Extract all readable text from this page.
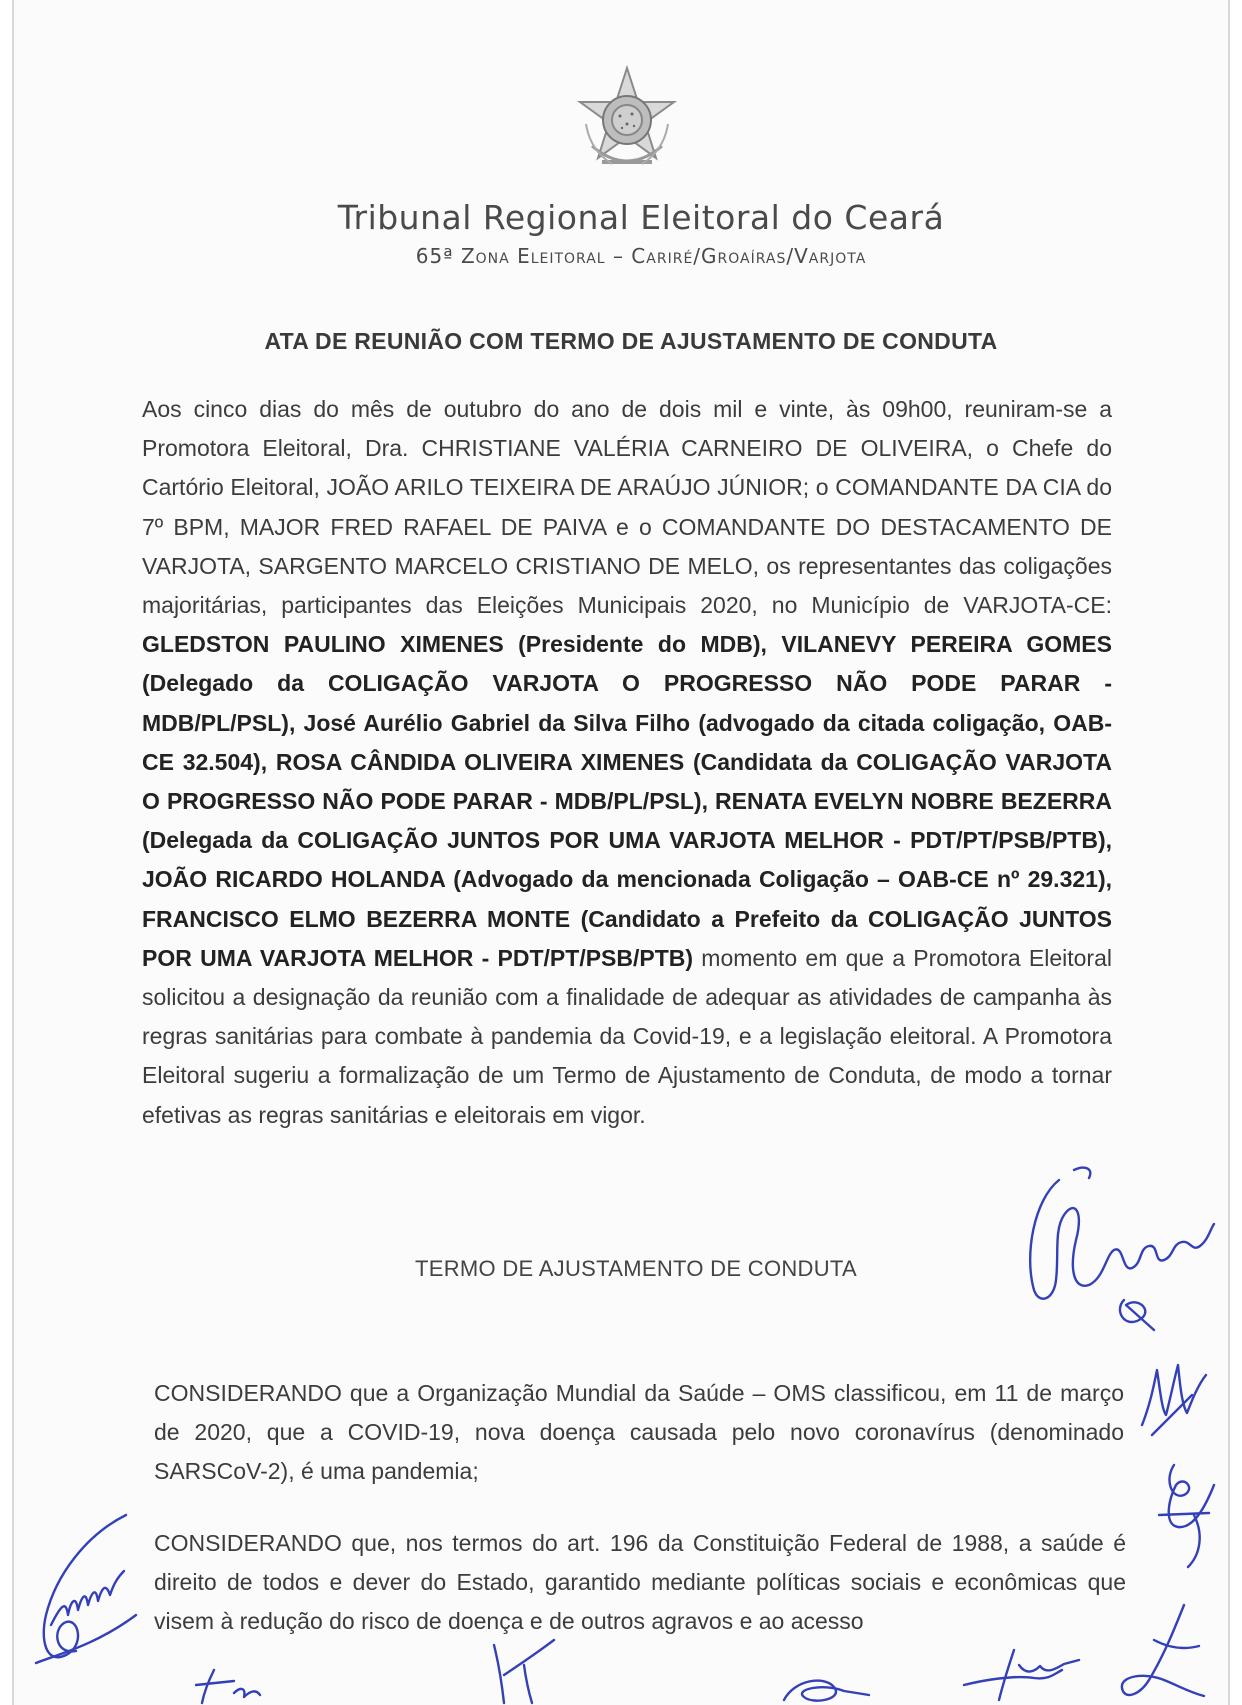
Tribunal Regional Eleitoral do Ceará
65ª Zona Eleitoral – Cariré/Groaíras/Varjota
ATA DE REUNIÃO COM TERMO DE AJUSTAMENTO DE CONDUTA

Aos cinco dias do mês de outubro do ano de dois mil e vinte, às 09h00, reuniram-se a Promotora Eleitoral, Dra. CHRISTIANE VALÉRIA CARNEIRO DE OLIVEIRA, o Chefe do Cartório Eleitoral, JOÃO ARILO TEIXEIRA DE ARAÚJO JÚNIOR; o COMANDANTE DA CIA do 7º BPM, MAJOR FRED RAFAEL DE PAIVA e o COMANDANTE DO DESTACAMENTO DE VARJOTA, SARGENTO MARCELO CRISTIANO DE MELO, os representantes das coligações majoritárias, participantes das Eleições Municipais 2020, no Município de VARJOTA-CE: GLEDSTON PAULINO XIMENES (Presidente do MDB), VILANEVY PEREIRA GOMES (Delegado da COLIGAÇÃO VARJOTA O PROGRESSO NÃO PODE PARAR - MDB/PL/PSL), José Aurélio Gabriel da Silva Filho (advogado da citada coligação, OAB-CE 32.504), ROSA CÂNDIDA OLIVEIRA XIMENES (Candidata da COLIGAÇÃO VARJOTA O PROGRESSO NÃO PODE PARAR - MDB/PL/PSL), RENATA EVELYN NOBRE BEZERRA (Delegada da COLIGAÇÃO JUNTOS POR UMA VARJOTA MELHOR - PDT/PT/PSB/PTB), JOÃO RICARDO HOLANDA (Advogado da mencionada Coligação – OAB-CE nº 29.321), FRANCISCO ELMO BEZERRA MONTE (Candidato a Prefeito da COLIGAÇÃO JUNTOS POR UMA VARJOTA MELHOR - PDT/PT/PSB/PTB) momento em que a Promotora Eleitoral solicitou a designação da reunião com a finalidade de adequar as atividades de campanha às regras sanitárias para combate à pandemia da Covid-19, e a legislação eleitoral. A Promotora Eleitoral sugeriu a formalização de um Termo de Ajustamento de Conduta, de modo a tornar efetivas as regras sanitárias e eleitorais em vigor.

TERMO DE AJUSTAMENTO DE CONDUTA

CONSIDERANDO que a Organização Mundial da Saúde – OMS classificou, em 11 de março de 2020, que a COVID-19, nova doença causada pelo novo coronavírus (denominado SARSCoV-2), é uma pandemia;

CONSIDERANDO que, nos termos do art. 196 da Constituição Federal de 1988, a saúde é direito de todos e dever do Estado, garantido mediante políticas sociais e econômicas que visem à redução do risco de doença e de outros agravos e ao acesso
